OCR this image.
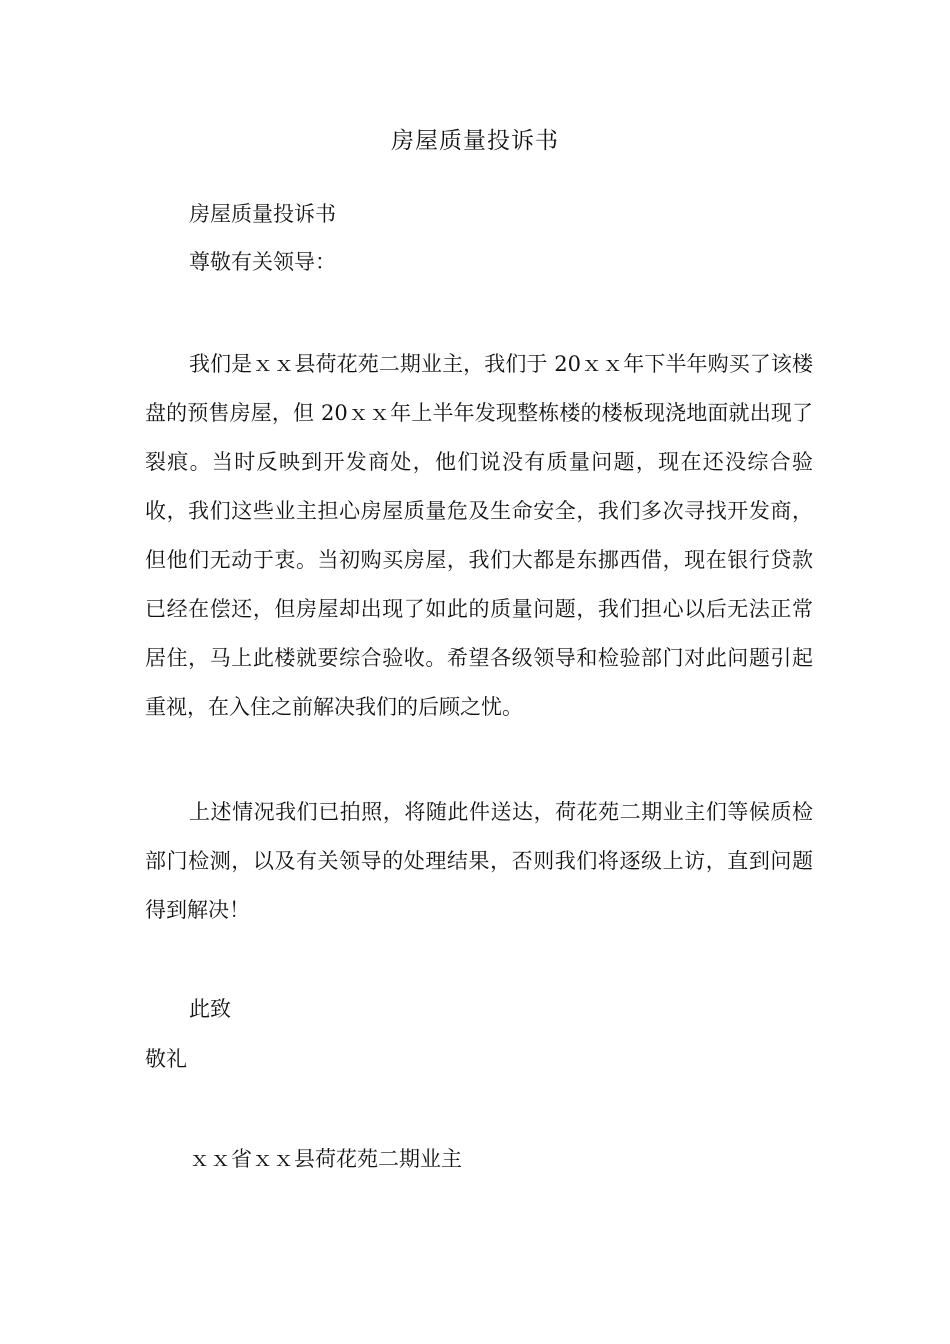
房屋质量投诉书
房屋质量投诉书
尊敬有关领导：

我们是ｘｘ县荷花苑二期业主，我们于 20ｘｘ年下半年购买了该楼盘的预售房屋，但 20ｘｘ年上半年发现整栋楼的楼板现浇地面就出现了裂痕。当时反映到开发商处，他们说没有质量问题，现在还没综合验收，我们这些业主担心房屋质量危及生命安全，我们多次寻找开发商，但他们无动于衷。当初购买房屋，我们大都是东挪西借，现在银行贷款已经在偿还，但房屋却出现了如此的质量问题，我们担心以后无法正常居住，马上此楼就要综合验收。希望各级领导和检验部门对此问题引起重视，在入住之前解决我们的后顾之忧。

上述情况我们已拍照，将随此件送达，荷花苑二期业主们等候质检部门检测，以及有关领导的处理结果，否则我们将逐级上访，直到问题得到解决！

此致
敬礼
ｘｘ省ｘｘ县荷花苑二期业主
